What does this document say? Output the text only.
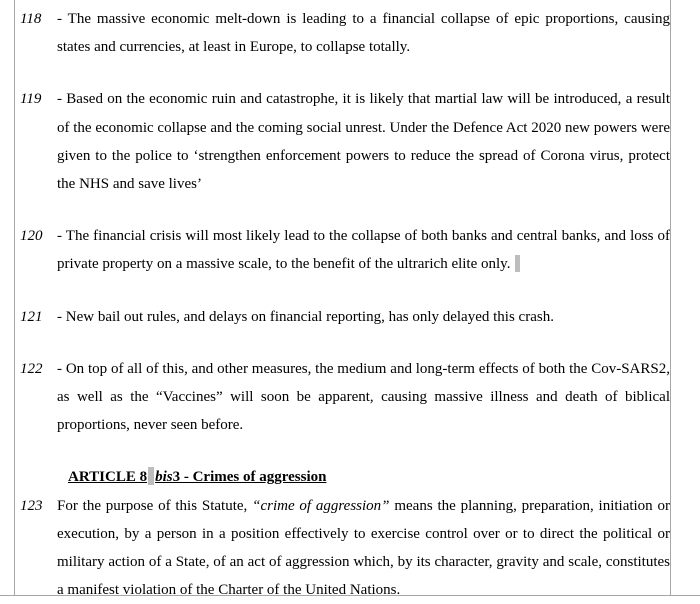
118 - The massive economic melt-down is leading to a financial collapse of epic proportions, causing states and currencies, at least in Europe, to collapse totally.

119 - Based on the economic ruin and catastrophe, it is likely that martial law will be introduced, a result of the economic collapse and the coming social unrest. Under the Defence Act 2020 new powers were given to the police to ‘strengthen enforcement powers to reduce the spread of Corona virus, protect the NHS and save lives’

120 - The financial crisis will most likely lead to the collapse of both banks and central banks, and loss of private property on a massive scale, to the benefit of the ultrarich elite only.

121 - New bail out rules, and delays on financial reporting, has only delayed this crash.

122 - On top of all of this, and other measures, the medium and long-term effects of both the Cov-SARS2, as well as the “Vaccines” will soon be apparent, causing massive illness and death of biblical proportions, never seen before.

ARTICLE 8 bis3 - Crimes of aggression

123 For the purpose of this Statute, “crime of aggression” means the planning, preparation, initiation or execution, by a person in a position effectively to exercise control over or to direct the political or military action of a State, of an act of aggression which, by its character, gravity and scale, constitutes a manifest violation of the Charter of the United Nations.
